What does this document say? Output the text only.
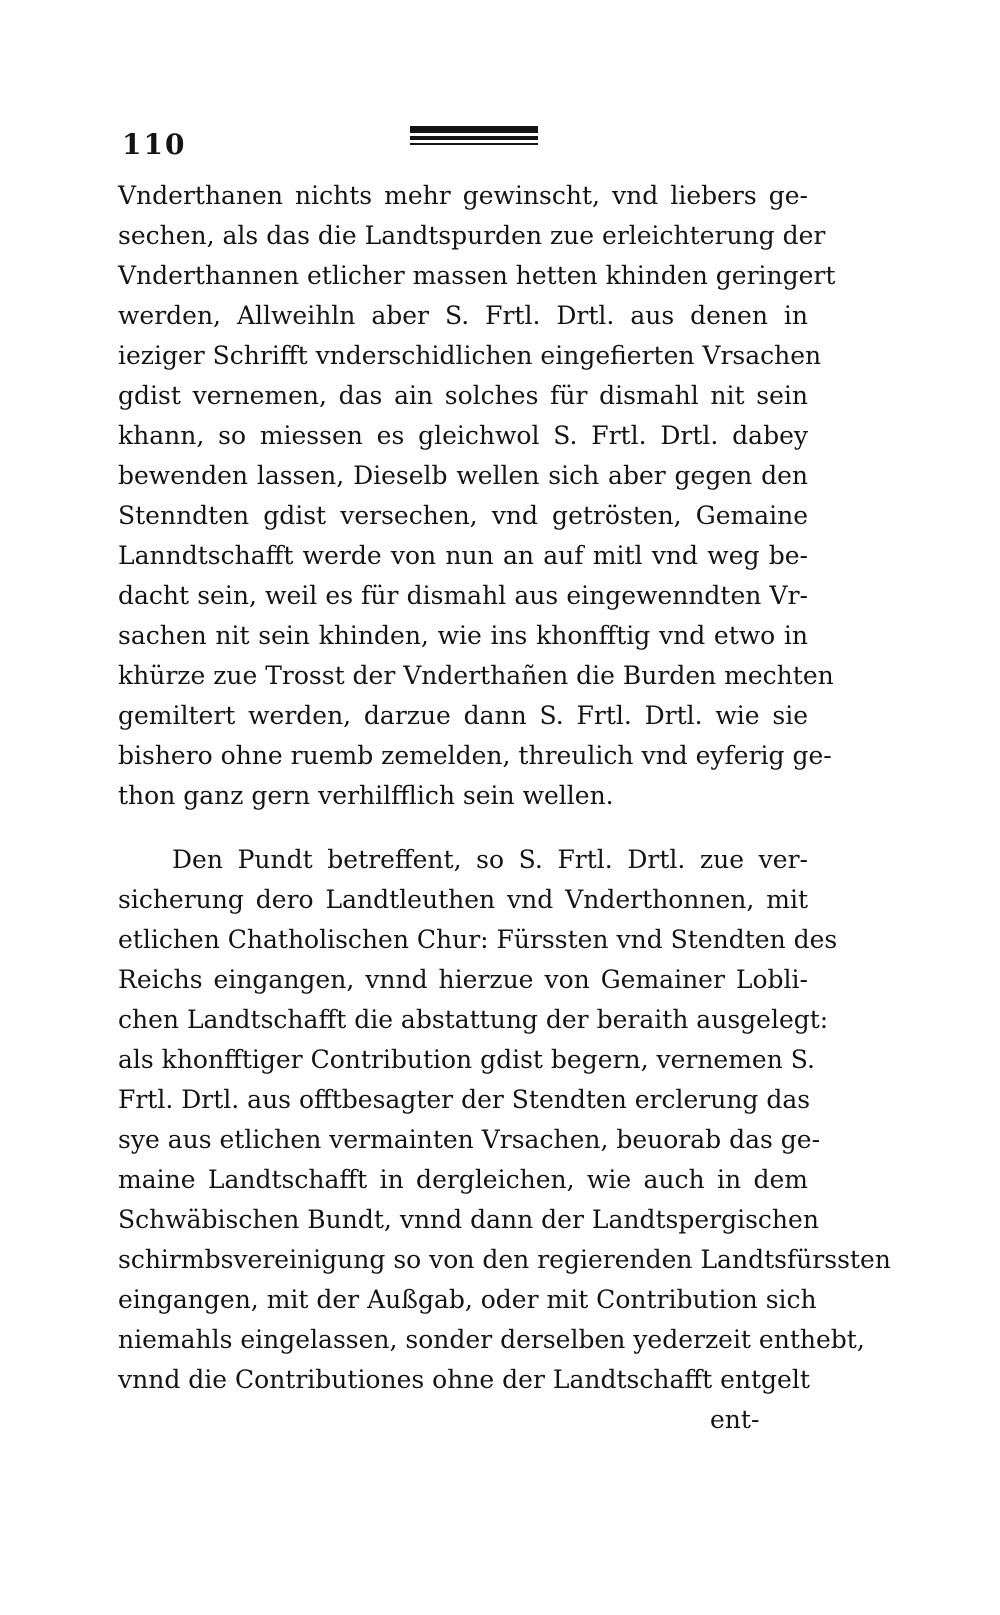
110
Vnderthanen nichts mehr gewinscht, vnd liebers ge-
sechen, als das die Landtspurden zue erleichterung der
Vnderthannen etlicher massen hetten khinden geringert
werden, Allweihln aber S. Frtl. Drtl. aus denen in
iezig​er Schrifft vnderschidlichen eingefierten Vrsachen
gdist vernemen, das ain solches für dismahl nit sein
khann, so miessen es gleichwol S. Frtl. Drtl. dabey
bewenden lassen, Dieselb wellen sich aber gegen den
Stenndten gdist versechen, vnd getrösten, Gemaine
Lanndtschafft werde von nun an auf mitl vnd weg be-
dacht sein, weil es für dismahl aus eingewenndten Vr-
sachen nit sein khinden, wie ins khonfftig vnd etwo in
khürze zue Trosst der Vnderthañen die Burden mechten
gemiltert werden, darzue dann S. Frtl. Drtl. wie sie
bishero ohne ruemb zemelden, threulich vnd eyferig ge-
thon ganz gern verhilfflich sein wellen.
Den Pundt betreffent, so S. Frtl. Drtl. zue ver-
sicherung dero Landtleuthen vnd Vnderthonnen, mit
etlichen Chatholischen Chur: Fürssten vnd Stendten des
Reichs eingangen, vnnd hierzue von Gemainer Lobli-
chen Landtschafft die abstattung der beraith ausgelegt:
als khonfftiger Contribution gdist begern, vernemen S.
Frtl. Drtl. aus offtbesagter der Stendten erclerung das
sye aus etlichen vermainten Vrsachen, beuorab das ge-
maine Landtschafft in dergleichen, wie auch in dem
Schwäbischen Bundt, vnnd dann der Landtspergischen
schirmbsvereinigung so von den regierenden Landtsfürssten
eingangen, mit der Außgab, oder mit Contribution sich
niemahls eingelassen, sonder derselben yederzeit enthebt,
vnnd die Contributiones ohne der Landtschafft entgelt
ent-
